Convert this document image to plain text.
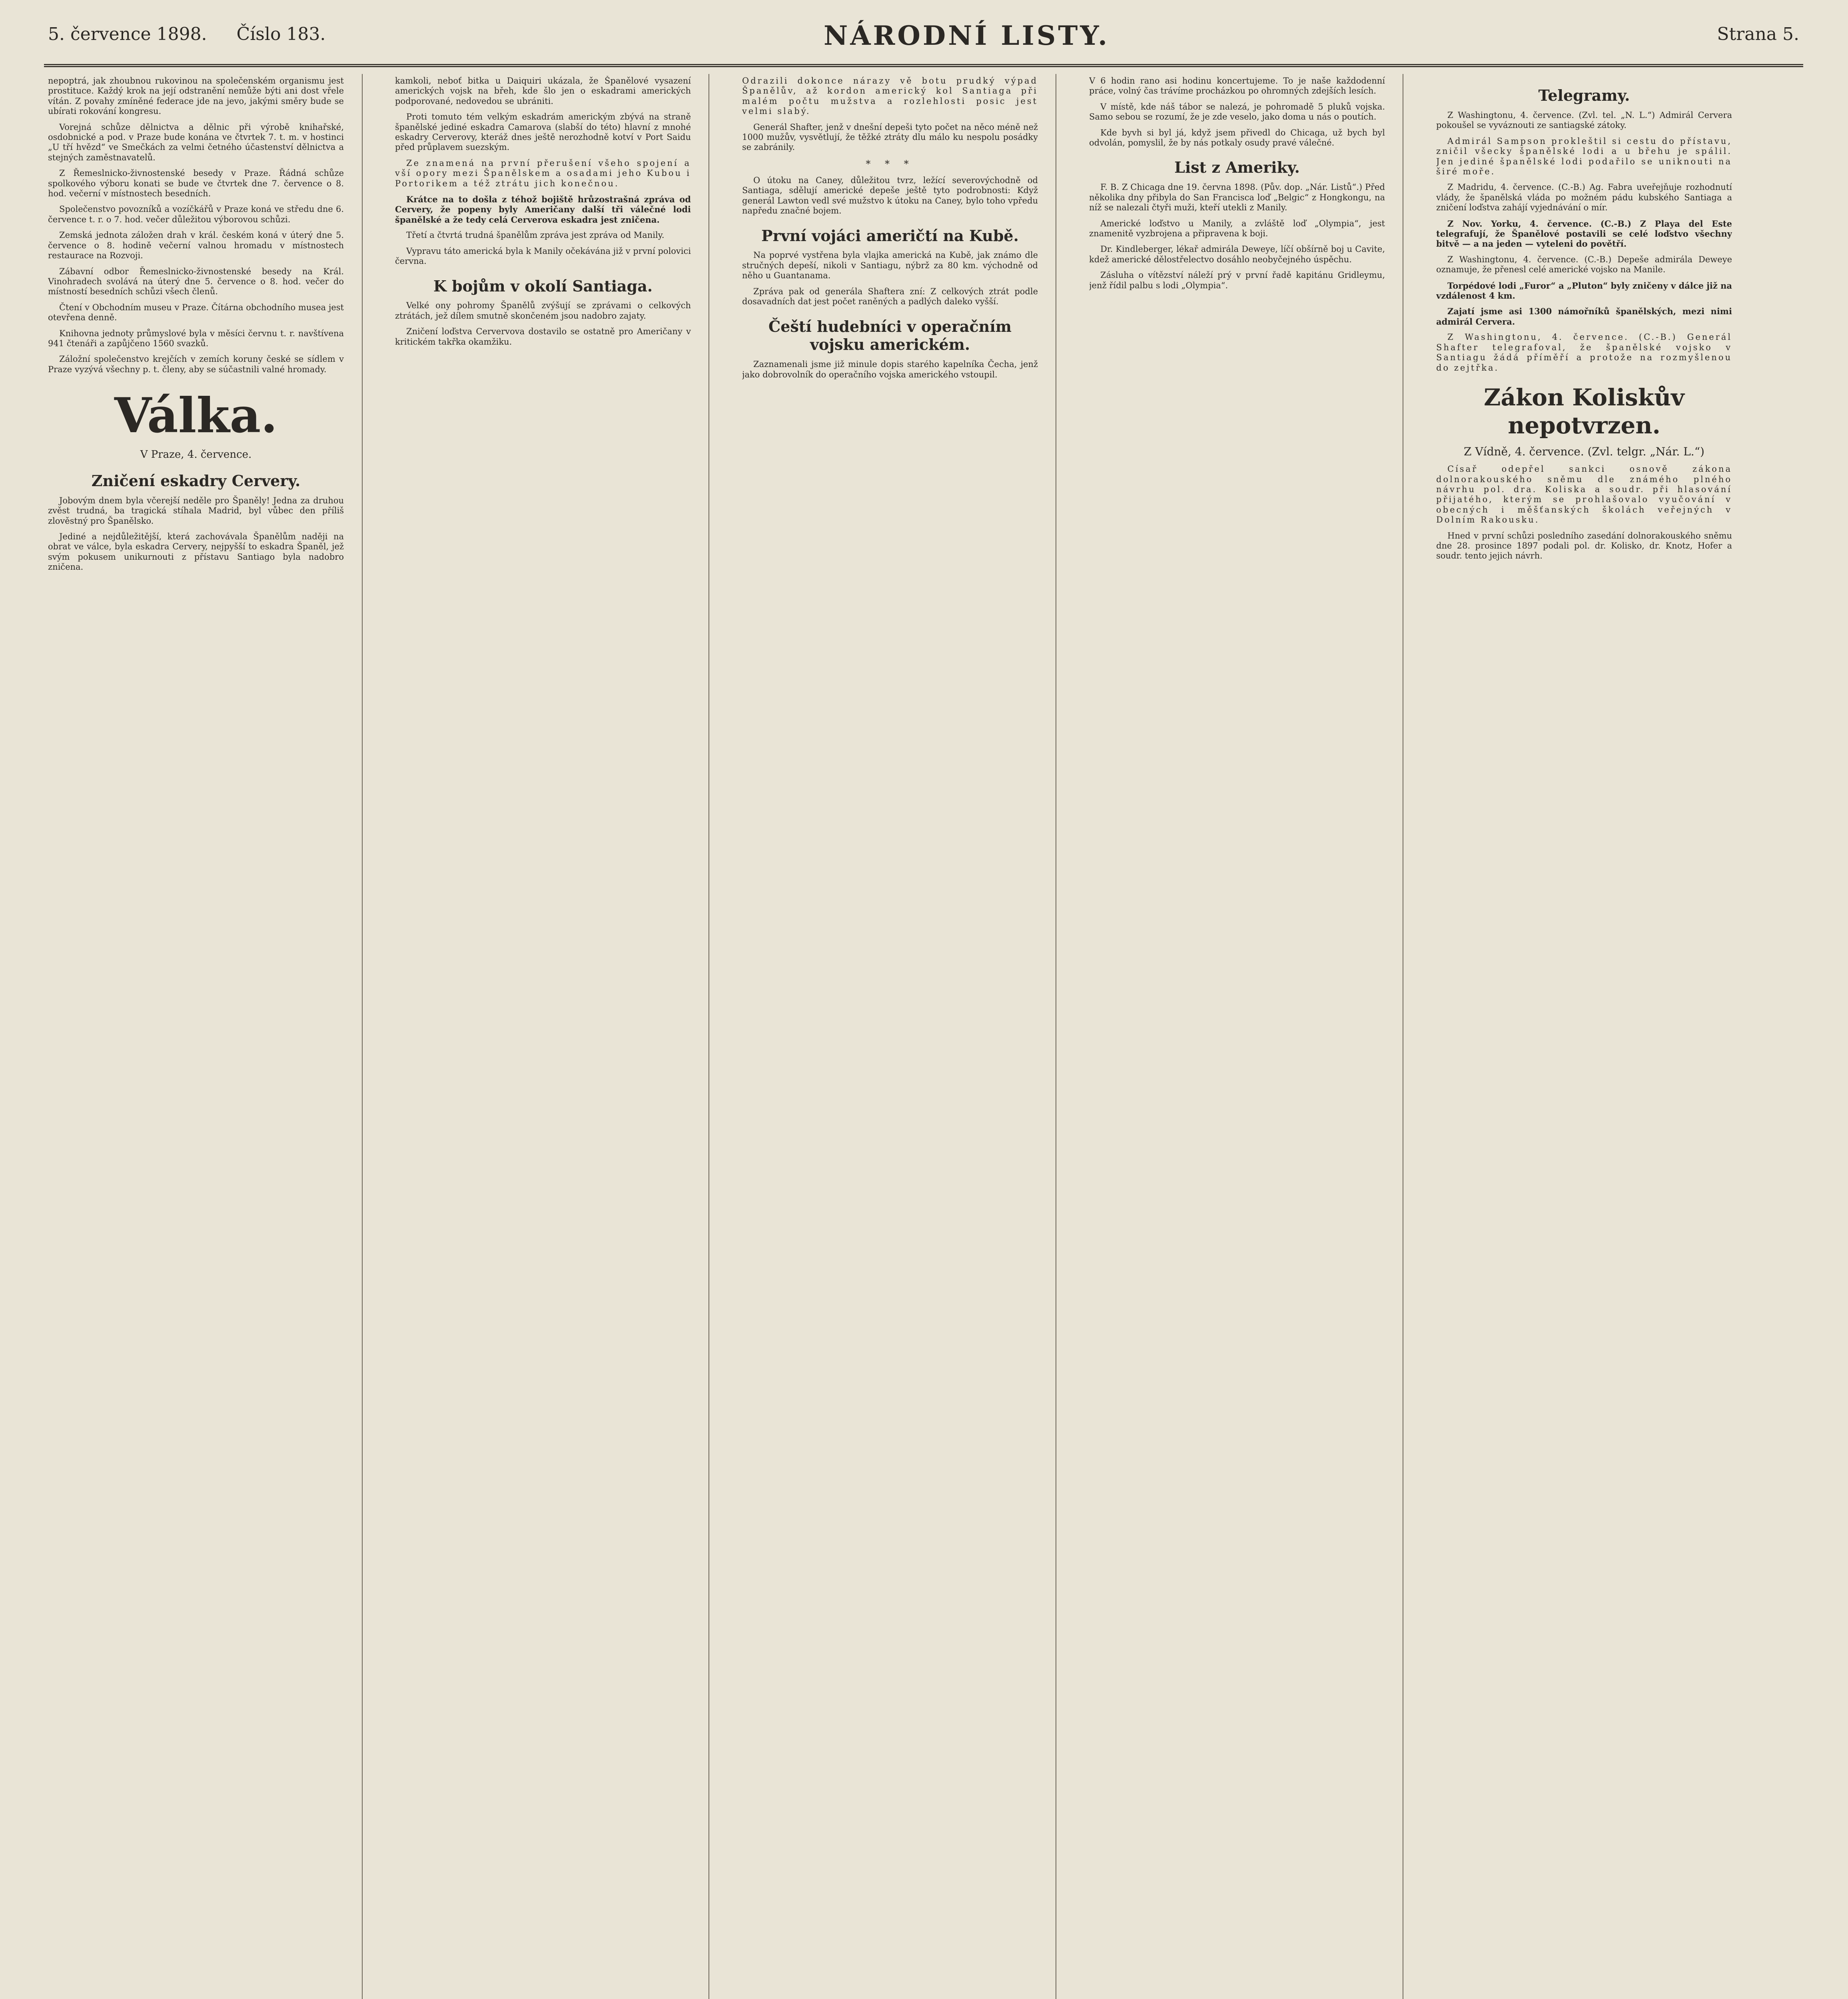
5. července 1898. Číslo 183.	NÁRODNÍ LISTY.	Strana 5.

nepoptrá, jak zhoubnou rukovinou na společenském organismu jest prostituce. Každý krok na její odstranění nemůže býti ani dost vřele vítán. Z povahy zmíněné federace jde na jevo, jakými směry bude se ubírati rokování kongresu.

Vorejná schůze dělnictva a dělnic při výrobě knihařské, osdobnické a pod. v Praze bude konána ve čtvrtek 7. t. m. v hostinci „U tří hvězd“ ve Smečkách za velmi četného účastenství dělnictva a stejných zaměstnavatelů.

Z Řemeslnicko-živnostenské besedy v Praze. Řádná schůze spolkového výboru konati se bude ve čtvrtek dne 7. července o 8. hod. večerní v místnostech besedních.

Společenstvo povozníků a vozíčkářů v Praze koná ve středu dne 6. července t. r. o 7. hod. večer důležitou výborovou schůzi.

Zemská jednota záložen drah v král. českém koná v úterý dne 5. července o 8. hodině večerní valnou hromadu v místnostech restaurace na Rozvoji.

Zábavní odbor Řemeslnicko-živnostenské besedy na Král. Vinohradech svolává na úterý dne 5. července o 8. hod. večer do místností besedních schůzi všech členů.

Čtení v Obchodním museu v Praze. Čítárna obchodního musea jest otevřena denně.

Knihovna jednoty průmyslové byla v měsíci červnu t. r. navštívena 941 čtenáři a zapůjčeno 1560 svazků.

Záložní společenstvo krejčích v zemích koruny české se sídlem v Praze vyzývá všechny p. t. členy, aby se súčastnili valné hromady.

Válka.
V Praze, 4. července.
Zničení eskadry Cervery.

Jobovým dnem byla včerejší neděle pro Španěly! Jedna za druhou zvěst trudná, ba tragická stíhala Madrid, byl vůbec den příliš zlověstný pro Španělsko.

Jediné a nejdůležitější, která zachovávala Španělům naději na obrat ve válce, byla eskadra Cervery, nejpyšší to eskadra Španěl, jež svým pokusem unikurnouti z přístavu Santiago byla nadobro zničena.

kamkoli, neboť bitka u Daiquiri ukázala, že Španělové vysazení amerických vojsk na břeh, kde šlo jen o eskadrami amerických podporované, nedovedou se ubrániti.

Proti tomuto tém velkým eskadrám americkým zbývá na straně španělské jediné eskadra Camarova (slabší do této) hlavní z mnohé eskadry Cerverovy, kteráž dnes ještě nerozhodně kotví v Port Saidu před průplavem suezským.

Ze znamená na první přerušení všeho spojení a vší opory mezi Španělskem a osadami jeho Kubou i Portorikem a též ztrátu jich konečnou.

Krátce na to došla z téhož bojiště hrůzostrašná zpráva od Cervery, že popeny byly Američany další tři válečné lodi španělské a že tedy celá Cerverova eskadra jest zničena.

Třetí a čtvrtá trudná španělům zpráva jest zpráva od Manily.

Vypravu táto americká byla k Manily očekávána již v první polovici června.

K bojům v okolí Santiaga.

Velké ony pohromy Španělů zvýšují se zprávami o celkových ztrátách, jež dílem smutně skončeném jsou nadobro zajaty.

Zničení loďstva Cervervova dostavilo se ostatně pro Američany v kritickém takřka okamžiku.

Odrazili dokonce nárazy vě botu prudký výpad Španělův, až kordon americký kol Santiaga při malém počtu mužstva a rozlehlosti posic jest velmi slabý.

Generál Shafter, jenž v dnešní depeši tyto počet na něco méně než 1000 mužův, vysvětlují, že těžké ztráty dlu málo ku nespolu posádky se zabránily.

* * *

O útoku na Caney, důležitou tvrz, ležící severovýchodně od Santiaga, sdělují americké depeše ještě tyto podrobnosti: Když generál Lawton vedl své mužstvo k útoku na Caney, bylo toho vpředu napředu značné bojem.

První vojáci američtí na Kubě.

Na poprvé vystřena byla vlajka americká na Kubě, jak známo dle stručných depeší, nikoli v Santiagu, nýbrž za 80 km. východně od něho u Guantanama.

Zpráva pak od generála Shaftera zní: Z celkových ztrát podle dosavadních dat jest počet raněných a padlých daleko vyšší.

Čeští hudebníci v operačním vojsku americkém.

Zaznamenali jsme již minule dopis starého kapelníka Čecha, jenž jako dobrovolník do operačního vojska amerického vstoupil.

V 6 hodin rano asi hodinu koncertujeme. To je naše každodenní práce, volný čas trávíme procházkou po ohromných zdejších lesích.

V místě, kde náš tábor se nalezá, je pohromadě 5 pluků vojska. Samo sebou se rozumí, že je zde veselo, jako doma u nás o poutích.

Kde byvh si byl já, když jsem přivedl do Chicaga, už bych byl odvolán, pomyslil, že by nás potkaly osudy pravé válečné.

List z Ameriky.

F. B. Z Chicaga dne 19. června 1898. (Pův. dop. „Nár. Listů“.) Před několika dny přibyla do San Francisca loď „Belgic“ z Hongkongu, na níž se nalezali čtyři muži, kteří utekli z Manily.

Americké loďstvo u Manily, a zvláště loď „Olympia“, jest znamenitě vyzbrojena a připravena k boji.

Dr. Kindleberger, lékař admirála Deweye, líčí obšírně boj u Cavite, kdež americké dělostřelectvo dosáhlo neobyčejného úspěchu.

Zásluha o vítězství náleží prý v první řadě kapitánu Gridleymu, jenž řídil palbu s lodi „Olympia“.

Telegramy.

Z Washingtonu, 4. července. (Zvl. tel. „N. L.“) Admirál Cervera pokoušel se vyváznouti ze santiagské zátoky.

Admirál Sampson prokleštil si cestu do přístavu, zničil všecky španělské lodi a u břehu je spálil. Jen jediné španělské lodi podařilo se uniknouti na širé moře.

Z Madridu, 4. července. (C.-B.) Ag. Fabra uveřejňuje rozhodnutí vlády, že španělská vláda po možném pádu kubského Santiaga a zničení loďstva zahájí vyjednávání o mír.

Z Nov. Yorku, 4. července. (C.-B.) Z Playa del Este telegrafují, že Španělové postavili se celé loďstvo všechny bitvě — a na jeden — vyteleni do povětří.

Z Washingtonu, 4. července. (C.-B.) Depeše admirála Deweye oznamuje, že přenesl celé americké vojsko na Manile.

Torpédové lodi „Furor“ a „Pluton“ byly zničeny v dálce již na vzdálenost 4 km.

Zajatí jsme asi 1300 námořníků španělských, mezi nimi admirál Cervera.

Z Washingtonu, 4. července. (C.-B.) Generál Shafter telegrafoval, že španělské vojsko v Santiagu žádá příměří a protože na rozmyšlenou do zejtřka.

Zákon Koliskův nepotvrzen.
Z Vídně, 4. července. (Zvl. telgr. „Nár. L.“)

Císař odepřel sankci osnově zákona dolnorakouského sněmu dle známého plného návrhu pol. dra. Koliska a soudr. při hlasování přijatého, kterým se prohlašovalo vyučování v obecných i měšťanských školách veřejných v Dolním Rakousku.

Hned v první schůzi posledního zasedání dolnorakouského sněmu dne 28. prosince 1897 podali pol. dr. Kolisko, dr. Knotz, Hofer a soudr. tento jejich návrh.
